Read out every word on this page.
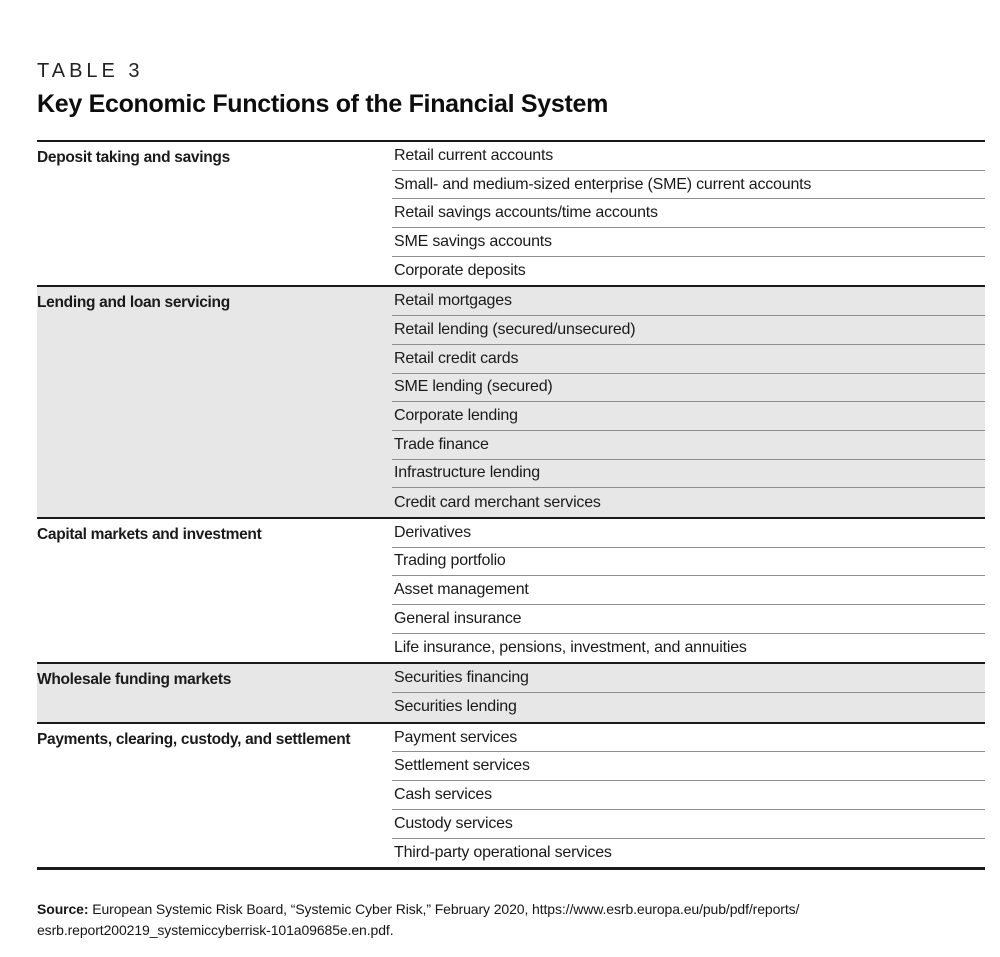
TABLE 3
Key Economic Functions of the Financial System
Deposit taking and savings	Retail current accounts
Small- and medium-sized enterprise (SME) current accounts
Retail savings accounts/time accounts
SME savings accounts
Corporate deposits
Lending and loan servicing	Retail mortgages
Retail lending (secured/unsecured)
Retail credit cards
SME lending (secured)
Corporate lending
Trade finance
Infrastructure lending
Credit card merchant services
Capital markets and investment	Derivatives
Trading portfolio
Asset management
General insurance
Life insurance, pensions, investment, and annuities
Wholesale funding markets	Securities financing
Securities lending
Payments, clearing, custody, and settlement	Payment services
Settlement services
Cash services
Custody services
Third-party operational services

Source: European Systemic Risk Board, “Systemic Cyber Risk,” February 2020, https://www.esrb.europa.eu/pub/pdf/reports/
esrb.report200219_systemiccyberrisk-101a09685e.en.pdf.
